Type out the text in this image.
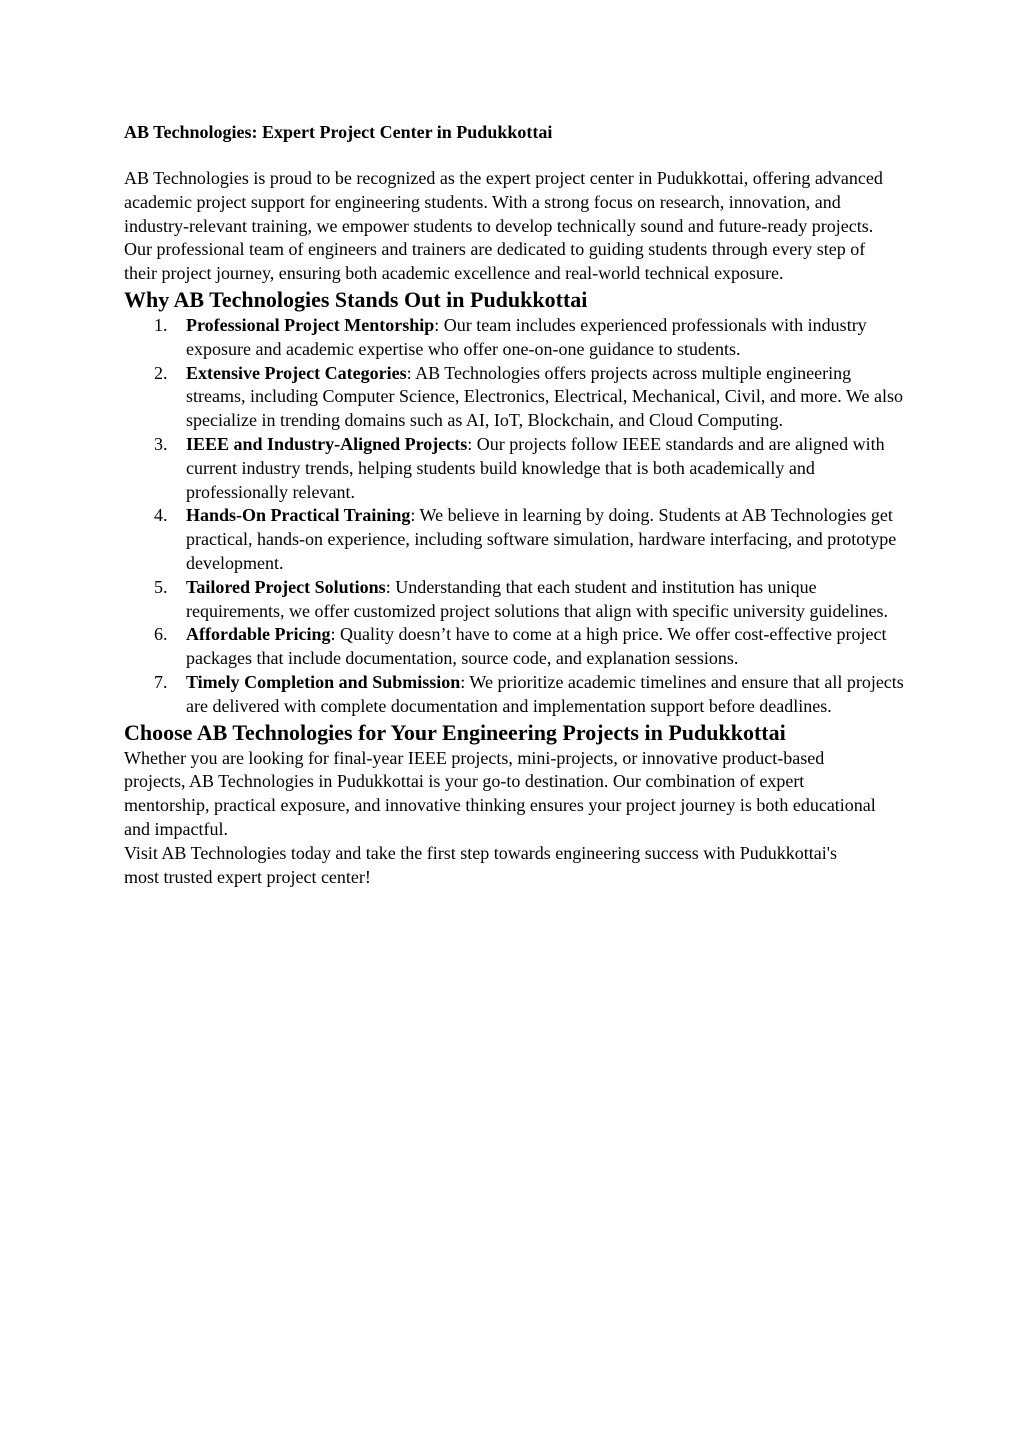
AB Technologies: Expert Project Center in Pudukkottai

AB Technologies is proud to be recognized as the expert project center in Pudukkottai, offering advanced academic project support for engineering students. With a strong focus on research, innovation, and industry-relevant training, we empower students to develop technically sound and future-ready projects. Our professional team of engineers and trainers are dedicated to guiding students through every step of their project journey, ensuring both academic excellence and real-world technical exposure.

Why AB Technologies Stands Out in Pudukkottai
1. Professional Project Mentorship: Our team includes experienced professionals with industry exposure and academic expertise who offer one-on-one guidance to students.
2. Extensive Project Categories: AB Technologies offers projects across multiple engineering streams, including Computer Science, Electronics, Electrical, Mechanical, Civil, and more. We also specialize in trending domains such as AI, IoT, Blockchain, and Cloud Computing.
3. IEEE and Industry-Aligned Projects: Our projects follow IEEE standards and are aligned with current industry trends, helping students build knowledge that is both academically and professionally relevant.
4. Hands-On Practical Training: We believe in learning by doing. Students at AB Technologies get practical, hands-on experience, including software simulation, hardware interfacing, and prototype development.
5. Tailored Project Solutions: Understanding that each student and institution has unique requirements, we offer customized project solutions that align with specific university guidelines.
6. Affordable Pricing: Quality doesn’t have to come at a high price. We offer cost-effective project packages that include documentation, source code, and explanation sessions.
7. Timely Completion and Submission: We prioritize academic timelines and ensure that all projects are delivered with complete documentation and implementation support before deadlines.
Choose AB Technologies for Your Engineering Projects in Pudukkottai

Whether you are looking for final-year IEEE projects, mini-projects, or innovative product-based projects, AB Technologies in Pudukkottai is your go-to destination. Our combination of expert mentorship, practical exposure, and innovative thinking ensures your project journey is both educational and impactful.

Visit AB Technologies today and take the first step towards engineering success with Pudukkottai's most trusted expert project center!
